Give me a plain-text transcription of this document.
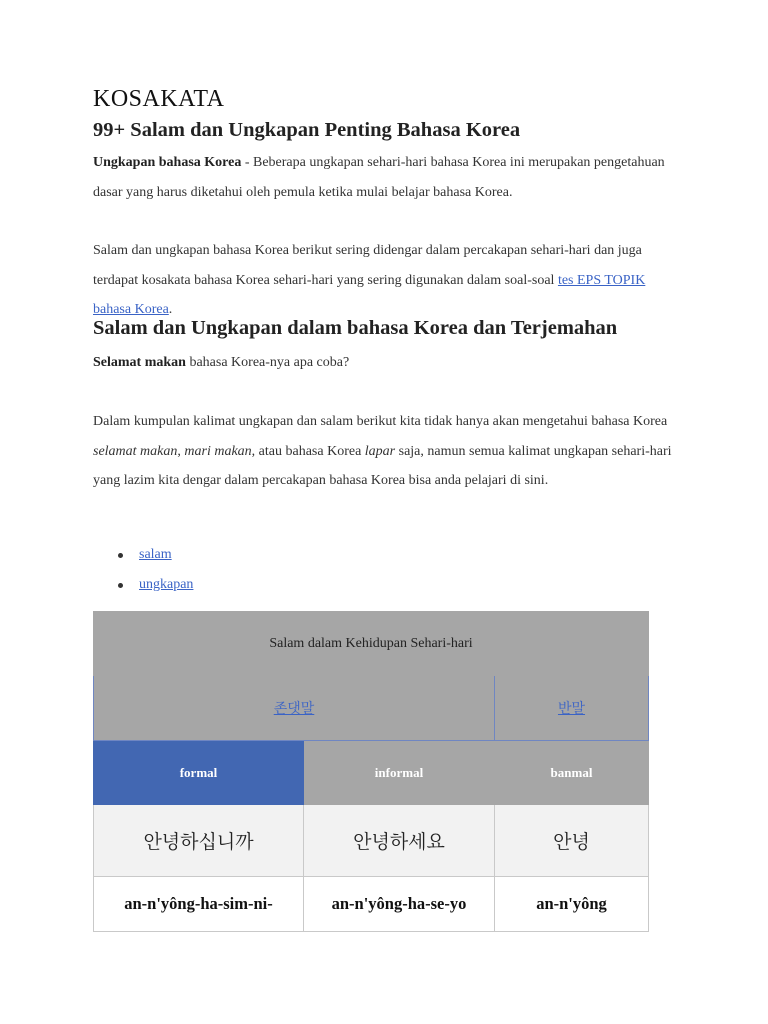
KOSAKATA
99+ Salam dan Ungkapan Penting Bahasa Korea

Ungkapan bahasa Korea - Beberapa ungkapan sehari-hari bahasa Korea ini merupakan pengetahuan dasar yang harus diketahui oleh pemula ketika mulai belajar bahasa Korea.

Salam dan ungkapan bahasa Korea berikut sering didengar dalam percakapan sehari-hari dan juga terdapat kosakata bahasa Korea sehari-hari yang sering digunakan dalam soal-soal tes EPS TOPIK bahasa Korea.

Salam dan Ungkapan dalam bahasa Korea dan Terjemahan

Selamat makan bahasa Korea-nya apa coba?

Dalam kumpulan kalimat ungkapan dan salam berikut kita tidak hanya akan mengetahui bahasa Korea selamat makan, mari makan, atau bahasa Korea lapar saja, namun semua kalimat ungkapan sehari-hari yang lazim kita dengar dalam percakapan bahasa Korea bisa anda pelajari di sini.

salam
ungkapan
Salam dalam Kehidupan Sehari-hari		
존댓말		반말
formal	informal	banmal
안녕하십니까	안녕하세요	안녕
an-n'yông-ha-sim-ni-	an-n'yông-ha-se-yo	an-n'yông
